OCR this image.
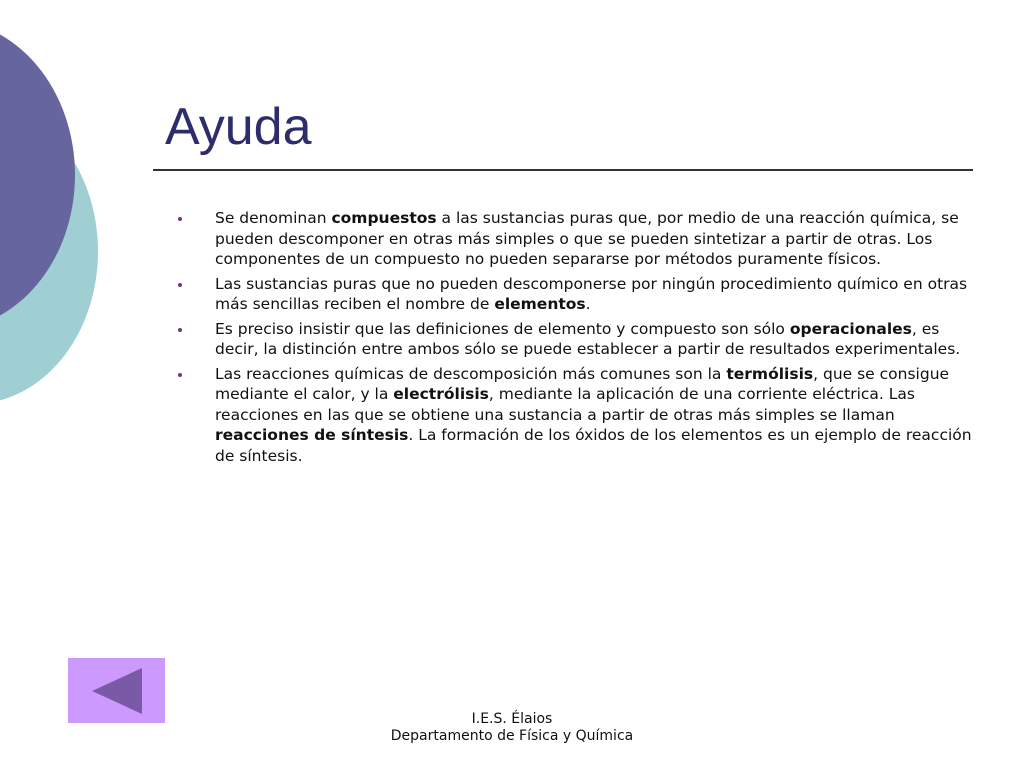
Ayuda
Se denominan compuestos a las sustancias puras que, por medio de una reacción química, se pueden descomponer en otras más simples o que se pueden sintetizar a partir de otras. Los componentes de un compuesto no pueden separarse por métodos puramente físicos.
Las sustancias puras que no pueden descomponerse por ningún procedimiento químico en otras más sencillas reciben el nombre de elementos.
Es preciso insistir que las definiciones de elemento y compuesto son sólo operacionales, es decir, la distinción entre ambos sólo se puede establecer a partir de resultados experimentales.
Las reacciones químicas de descomposición más comunes son la termólisis, que se consigue mediante el calor, y la electrólisis, mediante la aplicación de una corriente eléctrica. Las reacciones en las que se obtiene una sustancia a partir de otras más simples se llaman reacciones de síntesis. La formación de los óxidos de los elementos es un ejemplo de reacción de síntesis.
I.E.S. Élaios
Departamento de Física y Química
